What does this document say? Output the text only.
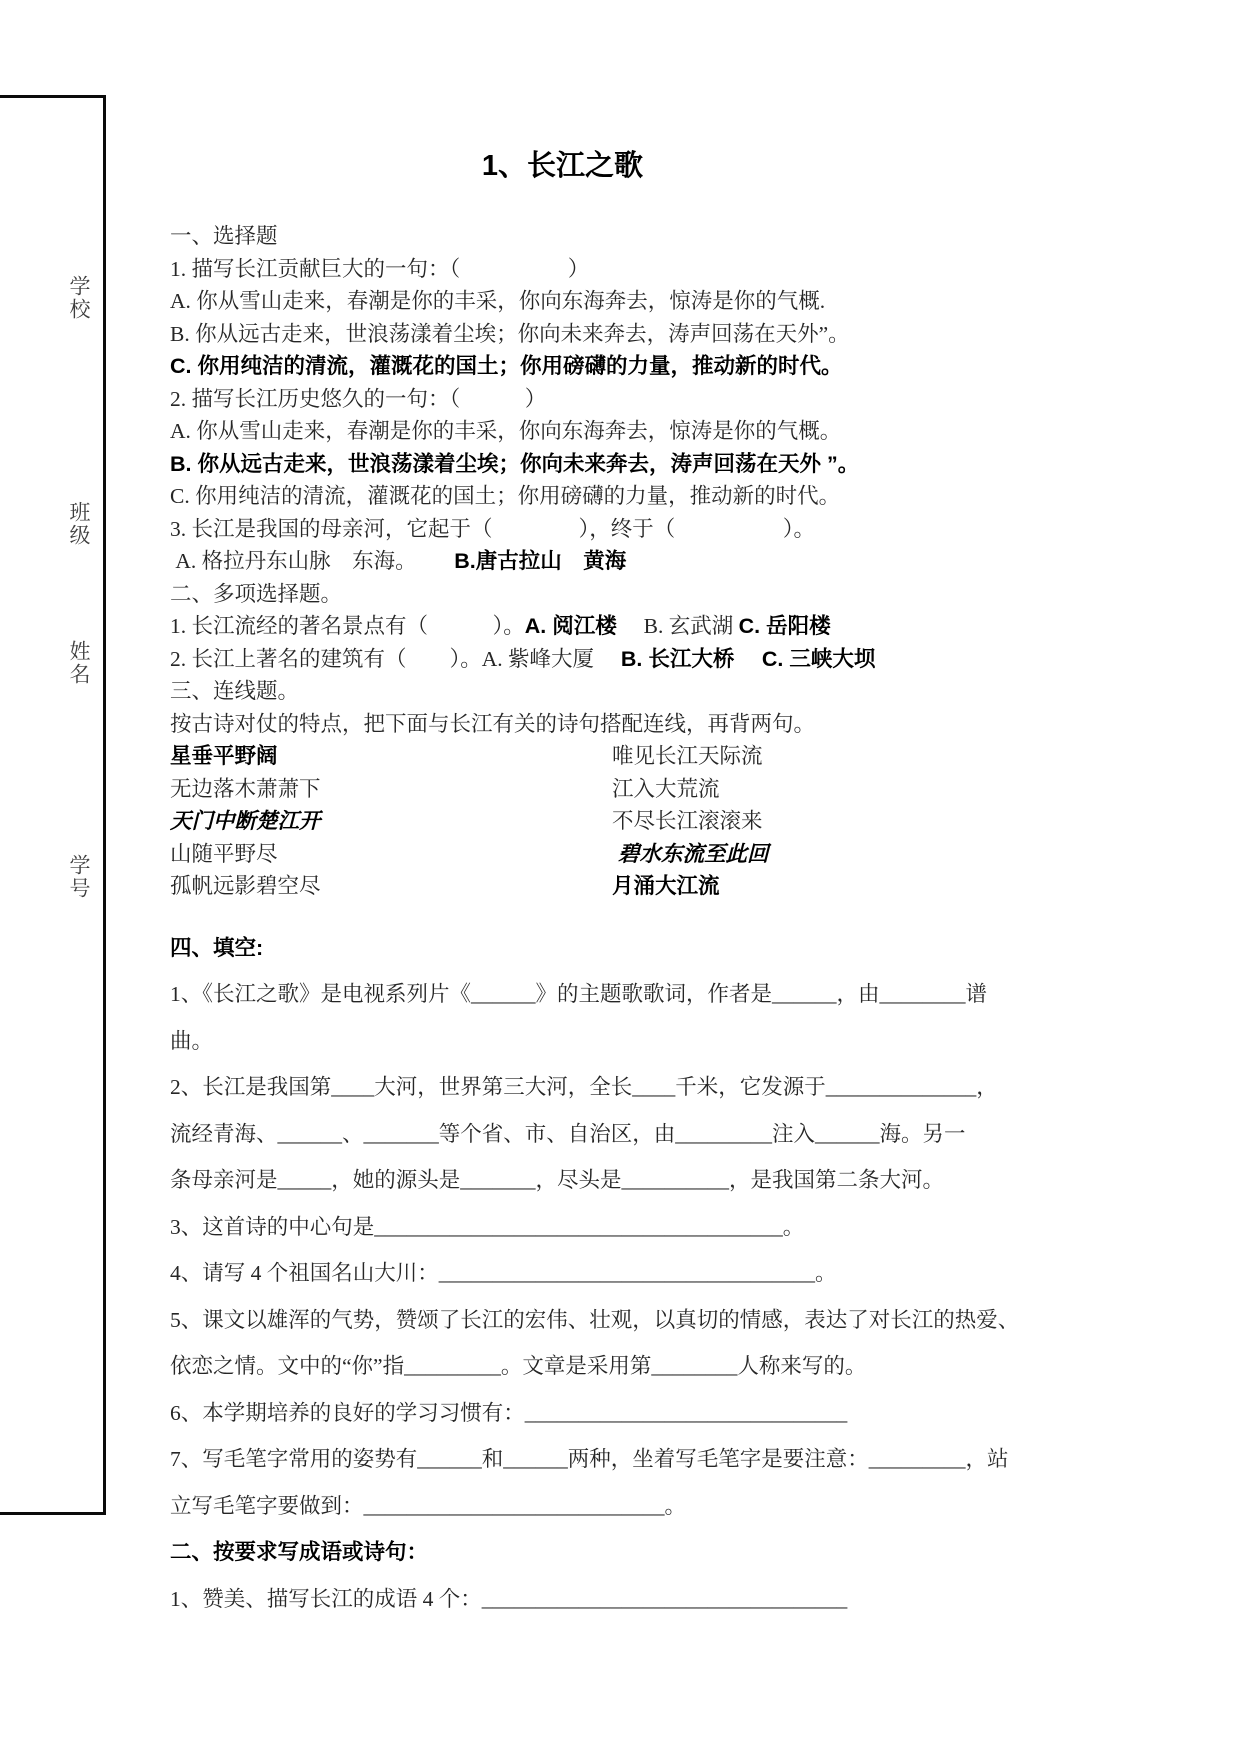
学校
班级
姓名
学号
1、长江之歌

一、选择题

1. 描写长江贡献巨大的一句：（　　　　　）

A. 你从雪山走来，春潮是你的丰采，你向东海奔去，惊涛是你的气概.

B. 你从远古走来，世浪荡漾着尘埃；你向未来奔去，涛声回荡在天外”。

C. 你用纯洁的清流，灌溉花的国土；你用磅礴的力量，推动新的时代。

2. 描写长江历史悠久的一句：（　　　）

A. 你从雪山走来，春潮是你的丰采，你向东海奔去，惊涛是你的气概。

B. 你从远古走来，世浪荡漾着尘埃；你向未来奔去，涛声回荡在天外 ”。

C. 你用纯洁的清流，灌溉花的国土；你用磅礴的力量，推动新的时代。

3. 长江是我国的母亲河，它起于（　　　　），终于（　　　　　）。

A. 格拉丹东山脉　东海。　　 B.唐古拉山　黄海

二、多项选择题。

1. 长江流经的著名景点有（　　　）。A. 阅江楼　 B. 玄武湖 C. 岳阳楼

2. 长江上著名的建筑有（　　）。A. 紫峰大厦　 B. 长江大桥　 C. 三峡大坝

三、连线题。

按古诗对仗的特点，把下面与长江有关的诗句搭配连线，再背两句。

星垂平野阔	唯见长江天际流
无边落木萧萧下	江入大荒流
天门中断楚江开	不尽长江滚滚来
山随平野尽	碧水东流至此回
孤帆远影碧空尽	月涌大江流

四、填空:

1、《长江之歌》是电视系列片《______》的主题歌歌词，作者是______，由________谱

曲。

2、长江是我国第____大河，世界第三大河，全长____千米，它发源于______________，

流经青海、______、_______等个省、市、自治区，由_________注入______海。另一

条母亲河是_____，她的源头是_______，尽头是__________，是我国第二条大河。

3、这首诗的中心句是______________________________________。

4、请写 4 个祖国名山大川：___________________________________。

5、课文以雄浑的气势，赞颂了长江的宏伟、壮观，以真切的情感，表达了对长江的热爱、

依恋之情。文中的“你”指_________。文章是采用第________人称来写的。

6、本学期培养的良好的学习习惯有：______________________________

7、写毛笔字常用的姿势有______和______两种，坐着写毛笔字是要注意：_________，站

立写毛笔字要做到：____________________________。

二、按要求写成语或诗句：

1、赞美、描写长江的成语 4 个：__________________________________
